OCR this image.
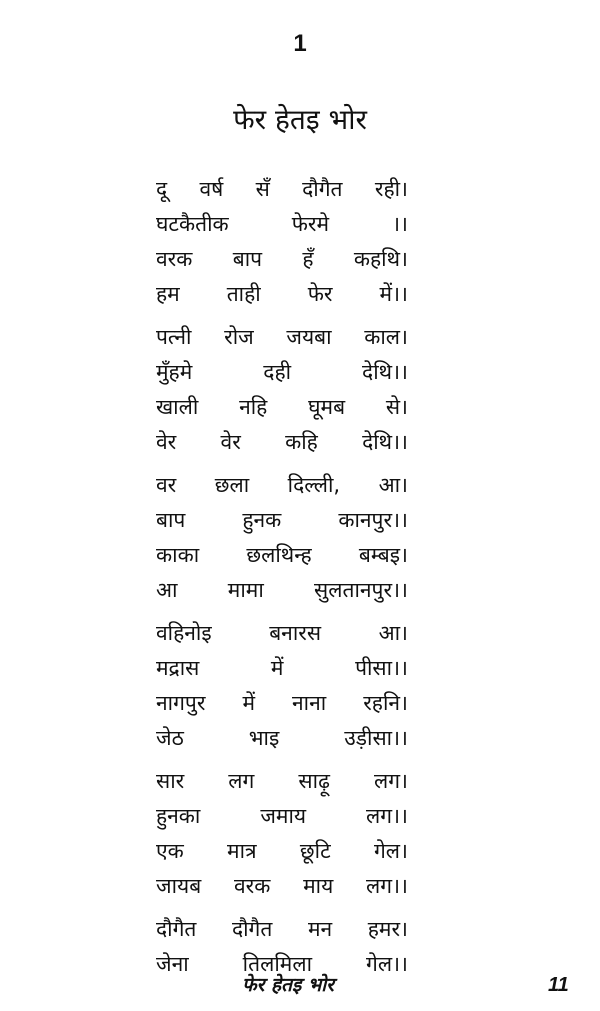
1
फेर हेतइ भोर
दू वर्ष सँ दौगैत रही।
घटकैतीक फेरमे ।।
वरक बाप हँ कहथि।
हम ताही फेर में।।
पत्नी रोज जयबा काल।
मुँहमे दही देथि।।
खाली नहि घूमब से।
वेर वेर कहि देथि।।
वर छला दिल्ली, आ।
बाप हुनक कानपुर।।
काका छलथिन्ह बम्बइ।
आ मामा सुलतानपुर।।
वहिनोइ बनारस आ।
मद्रास में पीसा।।
नागपुर में नाना रहनि।
जेठ भाइ उड़ीसा।।
सार लग साढ़ू लग।
हुनका जमाय लग।।
एक मात्र छूटि गेल।
जायब वरक माय लग।।
दौगैत दौगैत मन हमर।
जेना तिलमिला गेल।।
फेर हेतइ भोर	11
